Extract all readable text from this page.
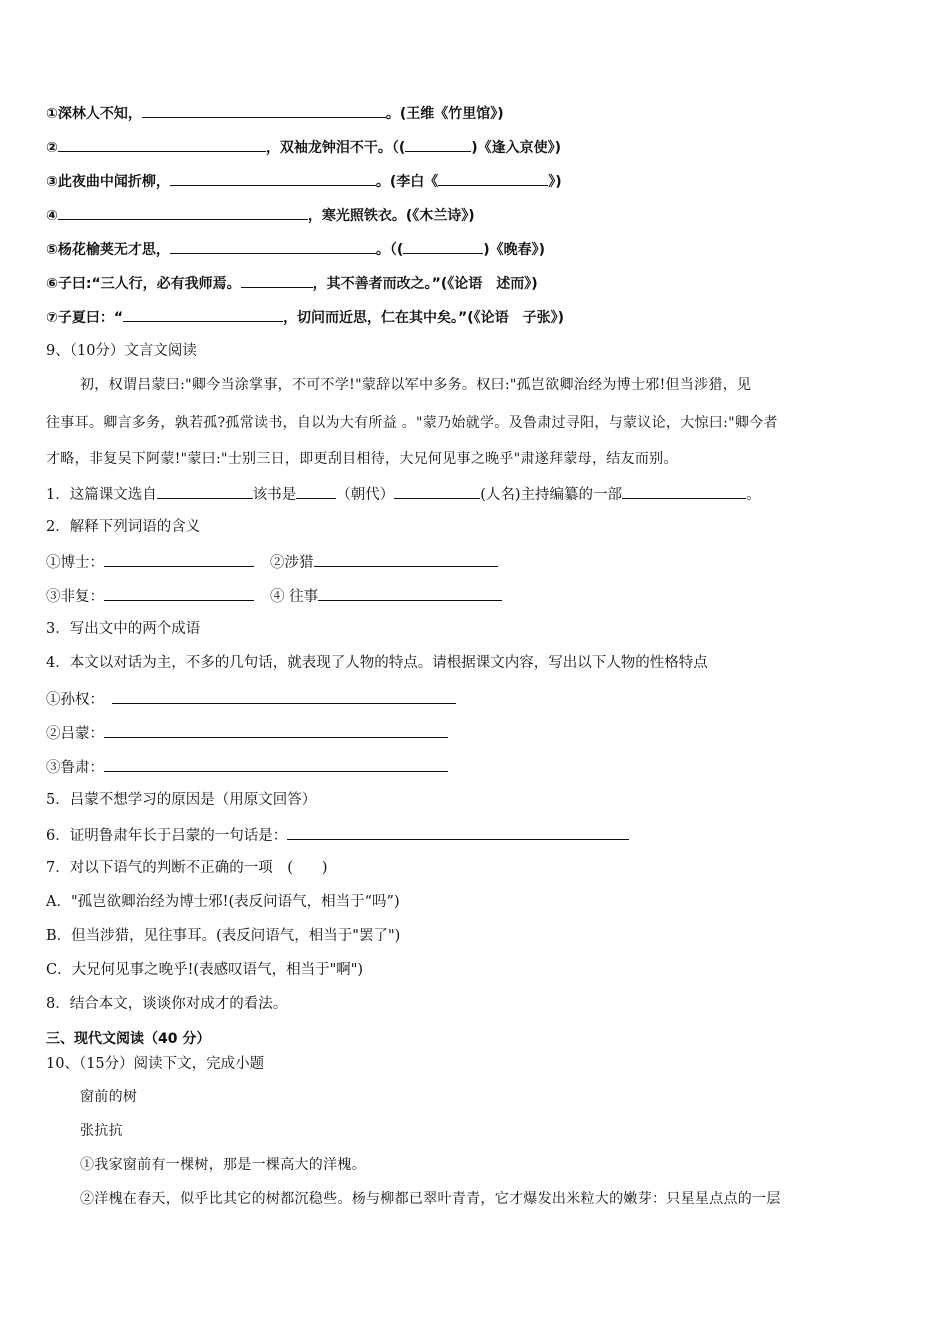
①深林人不知，	。(王维《竹里馆》)
②	，双袖龙钟泪不干。（(	)《逢入京使》)
③此夜曲中闻折柳，	。(李白《	》)
④	，寒光照铁衣。(《木兰诗》)
⑤杨花榆荚无才思，	。（(	)《晚春》)
⑥子曰:“三人行，必有我师焉。	，其不善者而改之。”(《论语　述而》)
⑦子夏曰：“	，切问而近思，仁在其中矣。”(《论语　子张》)
9、（10分）文言文阅读
初，权谓吕蒙曰:"卿今当涂掌事，不可不学!"蒙辞以军中多务。权曰:"孤岂欲卿治经为博士邪!但当涉猎，见
往事耳。卿言多务，孰若孤?孤常读书，自以为大有所益 。"蒙乃始就学。及鲁肃过寻阳，与蒙议论，大惊曰:"卿今者
才略，非复吴下阿蒙!"蒙曰:"士别三日，即更刮目相待，大兄何见事之晚乎"肃遂拜蒙母，结友而别。
1．这篇课文选自	该书是	（朝代）	(人名)主持编纂的一部	。
2．解释下列词语的含义
①博士：	②涉猎
③非复：	④ 往事
3．写出文中的两个成语
4．本文以对话为主，不多的几句话，就表现了人物的特点。请根据课文内容，写出以下人物的性格特点
①孙权：
②吕蒙：
③鲁肃：
5．吕蒙不想学习的原因是（用原文回答）
6．证明鲁肃年长于吕蒙的一句话是：
7．对以下语气的判断不正确的一项　(　　)
A．"孤岂欲卿治经为博士邪!(表反问语气，相当于“吗”)
B．但当涉猎，见往事耳。(表反问语气，相当于"罢了")
C．大兄何见事之晚乎!(表感叹语气，相当于"啊")
8．结合本文，谈谈你对成才的看法。
三、现代文阅读（40 分）
10、（15分）阅读下文，完成小题
窗前的树
张抗抗
①我家窗前有一棵树，那是一棵高大的洋槐。
②洋槐在春天，似乎比其它的树都沉稳些。杨与柳都已翠叶青青，它才爆发出米粒大的嫩芽：只星星点点的一层
